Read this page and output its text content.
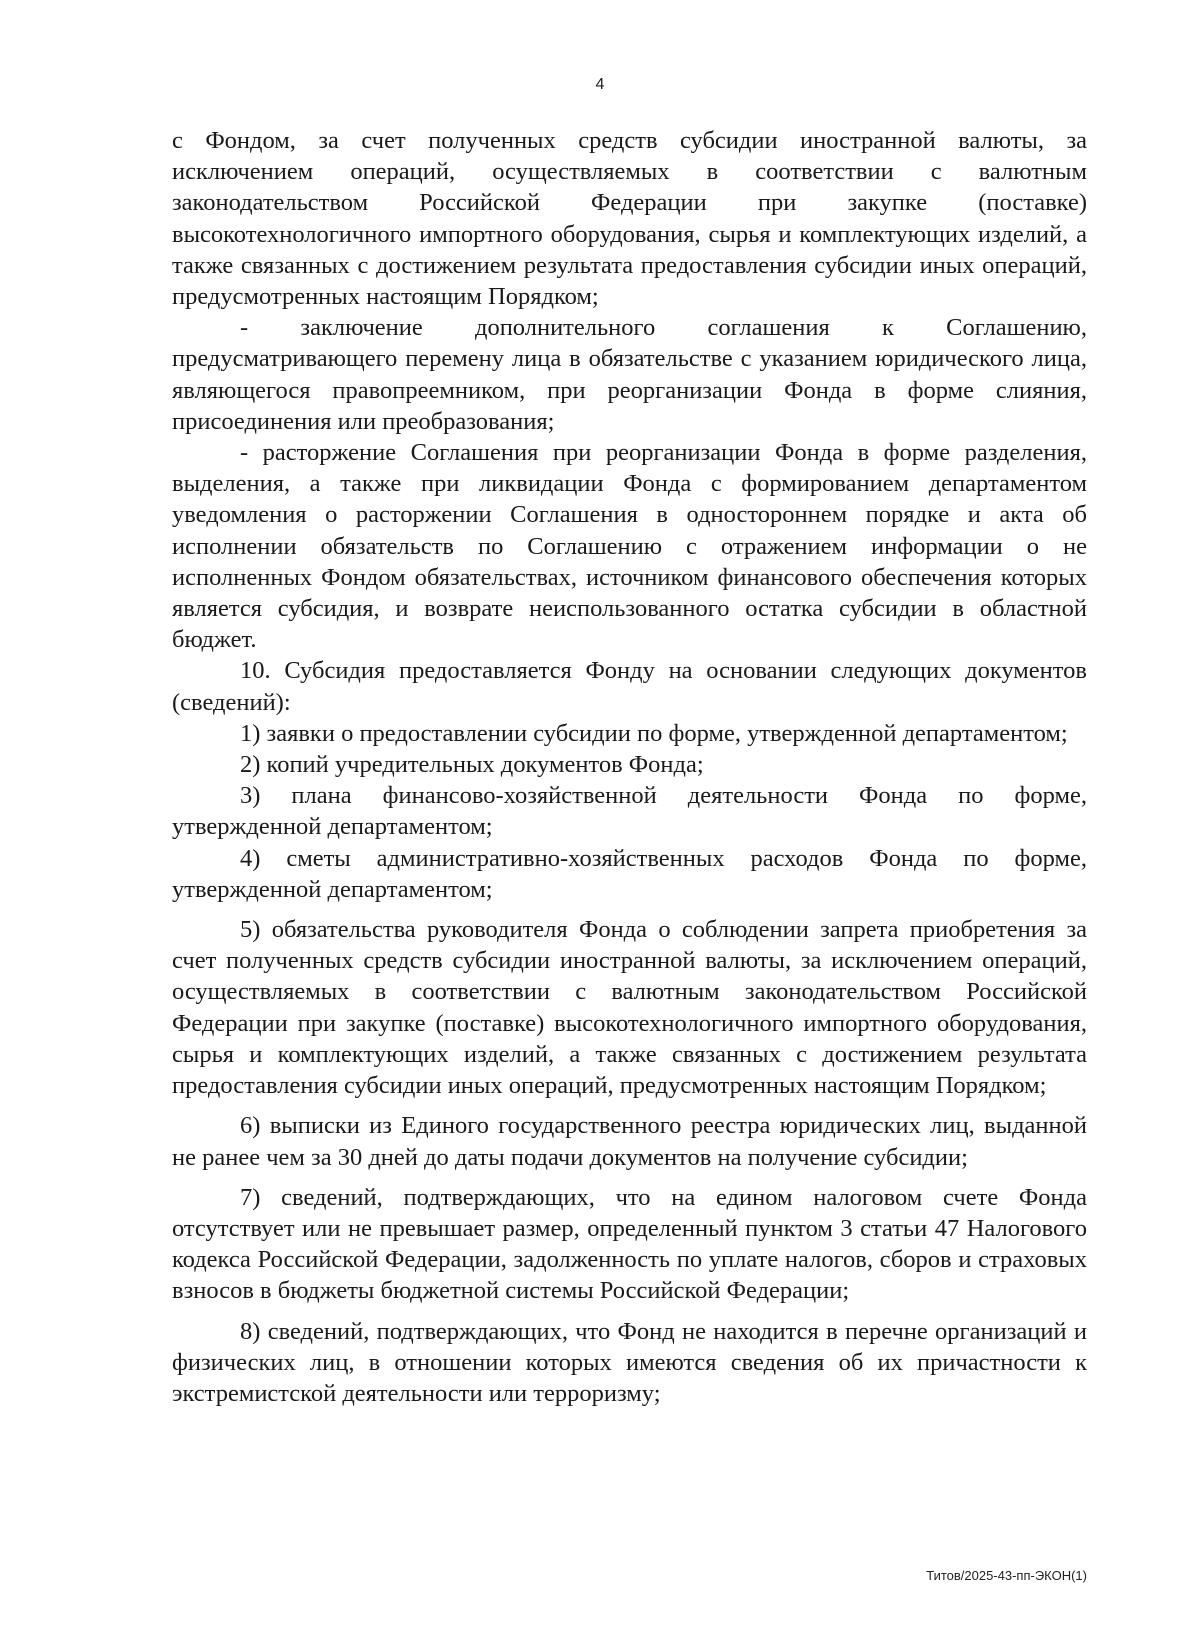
4

с Фондом, за счет полученных средств субсидии иностранной валюты, за исключением операций, осуществляемых в соответствии с валютным законодательством Российской Федерации при закупке (поставке) высокотехнологичного импортного оборудования, сырья и комплектующих изделий, а также связанных с достижением результата предоставления субсидии иных операций, предусмотренных настоящим Порядком;

- заключение дополнительного соглашения к Соглашению, предусматривающего перемену лица в обязательстве с указанием юридического лица, являющегося правопреемником, при реорганизации Фонда в форме слияния, присоединения или преобразования;

- расторжение Соглашения при реорганизации Фонда в форме разделения, выделения, а также при ликвидации Фонда с формированием департаментом уведомления о расторжении Соглашения в одностороннем порядке и акта об исполнении обязательств по Соглашению с отражением информации о не исполненных Фондом обязательствах, источником финансового обеспечения которых является субсидия, и возврате неиспользованного остатка субсидии в областной бюджет.

10. Субсидия предоставляется Фонду на основании следующих документов (сведений):

1) заявки о предоставлении субсидии по форме, утвержденной департаментом;

2) копий учредительных документов Фонда;

3) плана финансово-хозяйственной деятельности Фонда по форме, утвержденной департаментом;

4) сметы административно-хозяйственных расходов Фонда по форме, утвержденной департаментом;

5) обязательства руководителя Фонда о соблюдении запрета приобретения за счет полученных средств субсидии иностранной валюты, за исключением операций, осуществляемых в соответствии с валютным законодательством Российской Федерации при закупке (поставке) высокотехнологичного импортного оборудования, сырья и комплектующих изделий, а также связанных с достижением результата предоставления субсидии иных операций, предусмотренных настоящим Порядком;

6) выписки из Единого государственного реестра юридических лиц, выданной не ранее чем за 30 дней до даты подачи документов на получение субсидии;

7) сведений, подтверждающих, что на едином налоговом счете Фонда отсутствует или не превышает размер, определенный пунктом 3 статьи 47 Налогового кодекса Российской Федерации, задолженность по уплате налогов, сборов и страховых взносов в бюджеты бюджетной системы Российской Федерации;

8) сведений, подтверждающих, что Фонд не находится в перечне организаций и физических лиц, в отношении которых имеются сведения об их причастности к экстремистской деятельности или терроризму;

Титов/2025-43-пп-ЭКОН(1)
